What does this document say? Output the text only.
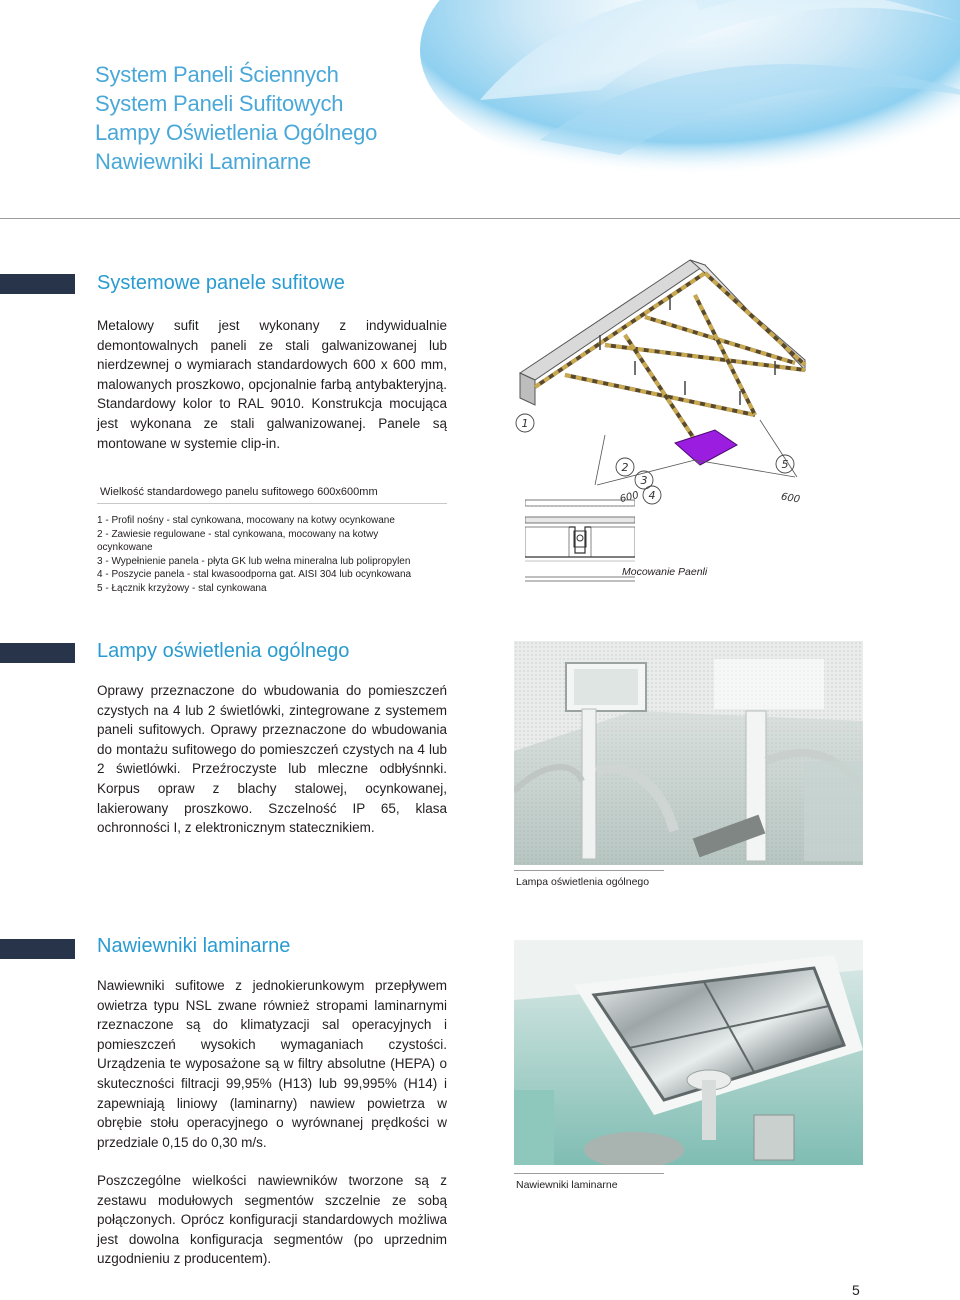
System Paneli Ściennych
System Paneli Sufitowych
Lampy Oświetlenia Ogólnego
Nawiewniki Laminarne
Systemowe panele sufitowe
Metalowy sufit jest wykonany z indywidualnie demontowalnych paneli ze stali galwanizowanej lub nierdzewnej o wymiarach standardowych 600 x 600 mm, malowanych proszkowo, opcjonalnie farbą antybakteryjną. Standardowy kolor to RAL 9010. Konstrukcja mocująca jest wykonana ze stali galwanizowanej. Panele są montowane w systemie clip-in.
Wielkość standardowego panelu sufitowego 600x600mm
1 - Profil nośny - stal cynkowana, mocowany na kotwy ocynkowane
2 - Zawiesie regulowane - stal cynkowana, mocowany na kotwy
ocynkowane
3 - Wypełnienie panela - płyta GK lub wełna mineralna lub polipropylen
4 - Poszycie panela - stal kwasoodporna gat. AISI 304 lub ocynkowana
5 - Łącznik krzyżowy - stal cynkowana
1
2
3
4
5
600	600
Mocowanie Paenli
Lampy oświetlenia ogólnego
Oprawy przeznaczone do wbudowania do pomieszczeń czystych na 4 lub 2 świetlówki, zintegrowane z systemem paneli sufitowych. Oprawy przeznaczone do wbudowania do montażu sufitowego do pomieszczeń czystych na 4 lub 2 świetlówki. Przeźroczyste lub mleczne odbłyśnnki. Korpus opraw z blachy stalowej, ocynkowanej, lakierowany proszkowo. Szczelność IP 65, klasa ochronności I, z elektronicznym statecznikiem.
Lampa oświetlenia ogólnego
Nawiewniki laminarne
Nawiewniki sufitowe z jednokierunkowym przepływem owietrza typu NSL zwane również stropami laminarnymi rzeznaczone są do klimatyzacji sal operacyjnych i pomieszczeń wysokich wymaganiach czystości. Urządzenia te wyposażone są w filtry absolutne (HEPA) o skuteczności filtracji 99,95% (H13) lub 99,995% (H14) i zapewniają liniowy (laminarny) nawiew powietrza w obrębie stołu operacyjnego o wyrównanej prędkości w przedziale 0,15 do 0,30 m/s.
Poszczególne wielkości nawiewników tworzone są z zestawu modułowych segmentów szczelnie ze sobą połączonych. Oprócz konfiguracji standardowych możliwa jest dowolna konfiguracja segmentów (po uprzednim uzgodnieniu z producentem).
Nawiewniki laminarne
5
